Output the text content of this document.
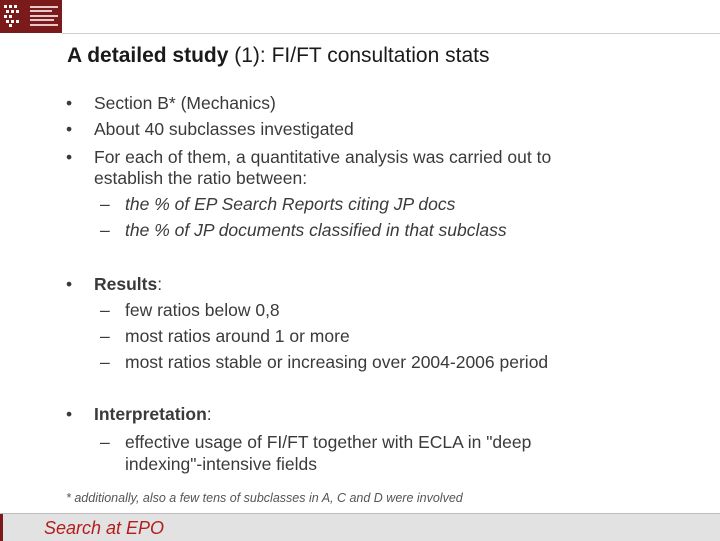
A detailed study (1): FI/FT consultation stats
• Section B* (Mechanics)
• About 40 subclasses investigated
• For each of them, a quantitative analysis was carried out to
establish the ratio between:
– the % of EP Search Reports citing JP docs
– the % of JP documents classified in that subclass
• Results:
– few ratios below 0,8
– most ratios around 1 or more
– most ratios stable or increasing over 2004-2006 period
• Interpretation:
– effective usage of FI/FT together with ECLA in "deep
indexing"-intensive fields
* additionally, also a few tens of subclasses in A, C and D were involved
Search at EPO
